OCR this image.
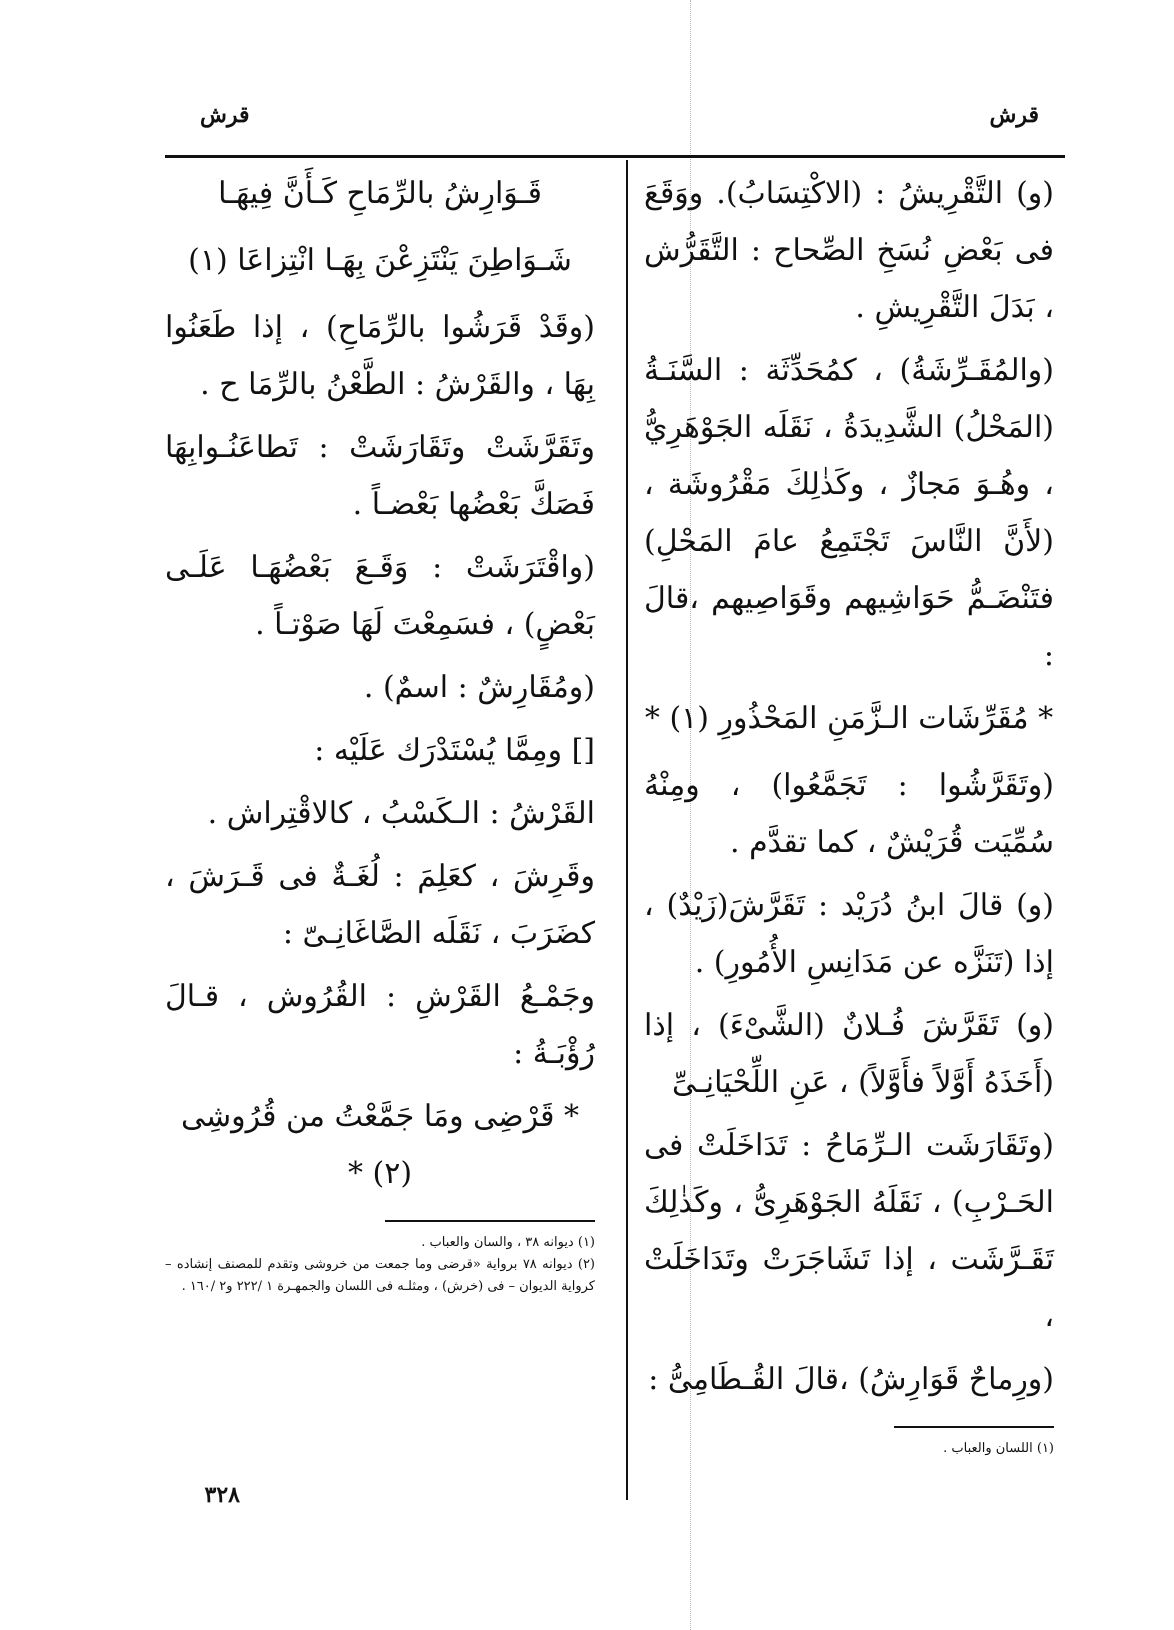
قرش
قرش

(و) التَّقْرِيشُ : (الاكْتِسَابُ). ووَقَعَ فى بَعْضِ نُسَخِ الصِّحاح : التَّقَرُّش ، بَدَلَ التَّقْرِيشِ .

(والمُقَـرِّشَةُ) ، كمُحَدِّثَة : السَّنَـةُ (المَحْلُ) الشَّدِيدَةُ ، نَقَلَه الجَوْهَرِيُّ ، وهُـوَ مَجازٌ ، وكَذٰلِكَ مَقْرُوشَة ، (لأَنَّ النَّاسَ تَجْتَمِعُ عامَ المَحْلِ) فتَنْضَـمُّ حَوَاشِيهم وقَوَاصِيهم ،قالَ :

* مُقَرِّشَات الـزَّمَنِ المَحْذُورِ (١) *

(وتَقَرَّشُوا : تَجَمَّعُوا) ، ومِنْهُ سُمِّيَت قُرَيْشٌ ، كما تقدَّم .

(و) قالَ ابنُ دُرَيْد : تَقَرَّشَ(زَيْدٌ) ، إذا (تَنَزَّه عن مَدَانِسِ الأُمُورِ) .

(و) تَقَرَّشَ فُـلانٌ (الشَّىْءَ) ، إذا (أَخَذَهُ أَوَّلاً فأَوَّلاً) ، عَنِ اللِّحْيَانِـىِّ

(وتَقَارَشَت الـرِّمَاحُ : تَدَاخَلَتْ فى الحَـرْبِ) ، نَقَلَهُ الجَوْهَرِىُّ ، وكَذٰلِكَ تَقَـرَّشَت ، إذا تَشَاجَرَتْ وتَدَاخَلَتْ ،

(ورِماحٌ قَوَارِشُ) ،قالَ القُـطَامِىُّ :

(١) اللسان والعباب .

قَـوَارِشُ بالرِّمَاحِ كَـأَنَّ فِيهَـا

شَـوَاطِنَ يَنْتَزِعْنَ بِهَـا انْتِزاعَا (١)

(وقَدْ قَرَشُوا بالرِّمَاحِ) ، إذا طَعَنُوا بِهَا ، والقَرْشُ : الطَّعْنُ بالرِّمَا ح .

وتَقَرَّشَتْ وتَقَارَشَتْ : تَطاعَنُـوابِهَا فَصَكَّ بَعْضُها بَعْضـاً .

(واقْتَرَشَتْ : وَقَـعَ بَعْضُهَـا عَلَـى بَعْضٍ) ، فسَمِعْتَ لَهَا صَوْتـاً .

(ومُقَارِشٌ : اسمٌ) .

[] ومِمَّا يُسْتَدْرَك عَلَيْه :

القَرْشُ : الـكَسْبُ ، كالاقْتِراش .

وقَرِشَ ، كعَلِمَ : لُغَـةٌ فى قَـرَشَ ، كضَرَبَ ، نَقَلَه الصَّاغَانِـىّ :

وجَمْـعُ القَرْشِ : القُرُوش ، قـالَ رُؤْبَـةُ :

* قَرْضِى ومَا جَمَّعْتُ من قُرُوشِى (٢) *

(١) ديوانه ٣٨ ، والسان والعباب .

(٢) ديوانه ٧٨ برواية «قرضى وما جمعت من خروشى وتقدم للمصنف إنشاده – كرواية الديوان – فى (خرش) ، ومثلـه فى اللسان والجمهـرة ١ /٢٢٢ و٢ /١٦٠ .

٣٢٨
